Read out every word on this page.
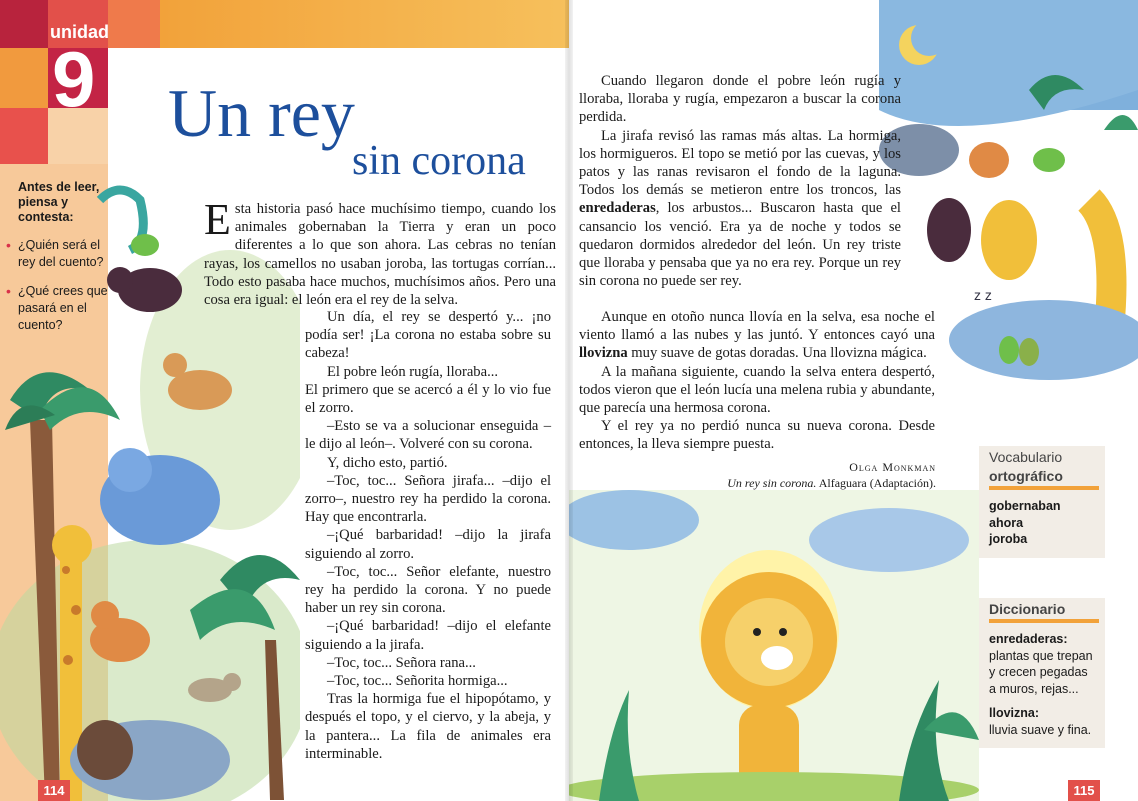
unidad
9
Antes de leer, piensa y contesta:
• ¿Quién será el rey del cuento?
• ¿Qué crees que pasará en el cuento?
Un rey
sin corona

Esta historia pasó hace muchísimo tiempo, cuando los animales gobernaban la Tierra y eran un poco diferentes a lo que son ahora. Las cebras no tenían rayas, los camellos no usaban joroba, las tortugas corrían... Todo esto pasaba hace muchos, muchísimos años. Pero una cosa era igual: el león era el rey de la selva.

Un día, el rey se despertó y... ¡no podía ser! ¡La corona no estaba sobre su cabeza!

El pobre león rugía, lloraba...

El primero que se acercó a él y lo vio fue el zorro.

–Esto se va a solucionar enseguida –le dijo al león–. Volveré con su corona.

Y, dicho esto, partió.

–Toc, toc... Señora jirafa... –dijo el zorro–, nuestro rey ha perdido la corona. Hay que encontrarla.

–¡Qué barbaridad! –dijo la jirafa siguiendo al zorro.

–Toc, toc... Señor elefante, nuestro rey ha perdido la corona. Y no puede haber un rey sin corona.

–¡Qué barbaridad! –dijo el elefante siguiendo a la jirafa.

–Toc, toc... Señora rana...

–Toc, toc... Señorita hormiga...

Tras la hormiga fue el hipopótamo, y después el topo, y el ciervo, y la abeja, y la pantera... La fila de animales era interminable.

114
z z

Cuando llegaron donde el pobre león rugía y lloraba, lloraba y rugía, empezaron a buscar la corona perdida.

La jirafa revisó las ramas más altas. La hormiga, los hormigueros. El topo se metió por las cuevas, y los patos y las ranas revisaron el fondo de la laguna. Todos los demás se metieron entre los troncos, las enredaderas, los arbustos... Buscaron hasta que el cansancio los venció. Era ya de noche y todos se quedaron dormidos alrededor del león. Un rey triste que lloraba y pensaba que ya no era rey. Porque un rey sin corona no puede ser rey.

Aunque en otoño nunca llovía en la selva, esa noche el viento llamó a las nubes y las juntó. Y entonces cayó una llovizna muy suave de gotas doradas. Una llovizna mágica.

A la mañana siguiente, cuando la selva entera despertó, todos vieron que el león lucía una melena rubia y abundante, que parecía una hermosa corona.

Y el rey ya no perdió nunca su nueva corona. Desde entonces, la lleva siempre puesta.

Olga Monkman
Un rey sin corona. Alfaguara (Adaptación).
Vocabulario
ortográfico
gobernaban
ahora
joroba
Diccionario
enredaderas:
plantas que trepan y crecen pegadas a muros, rejas...
llovizna:
lluvia suave y fina.
115
